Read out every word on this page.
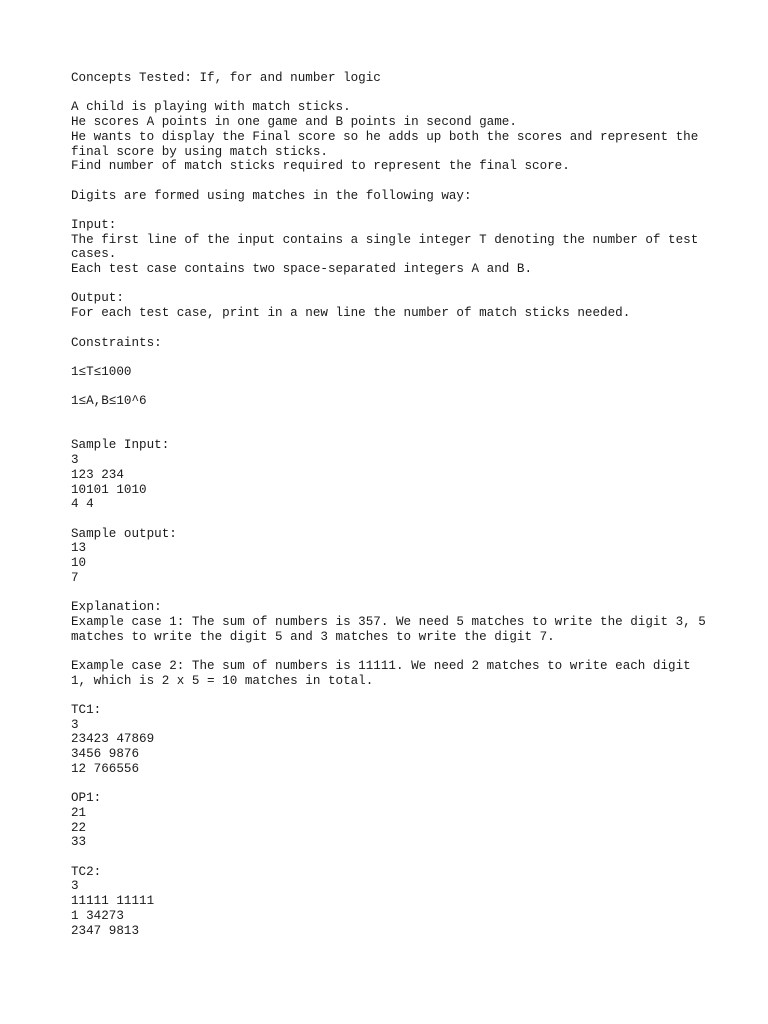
Concepts Tested: If, for and number logic
A child is playing with match sticks.
He scores A points in one game and B points in second game.
He wants to display the Final score so he adds up both the scores and represent the final score by using match sticks.
Find number of match sticks required to represent the final score.
Digits are formed using matches in the following way:
Input:
The first line of the input contains a single integer T denoting the number of test cases.
Each test case contains two space-separated integers A and B.
Output:
For each test case, print in a new line the number of match sticks needed.
Constraints:
1≤T≤1000
1≤A,B≤10^6
Sample Input:
3
123 234
10101 1010
4 4
Sample output:
13
10
7
Explanation:
Example case 1: The sum of numbers is 357. We need 5 matches to write the digit 3, 5 matches to write the digit 5 and 3 matches to write the digit 7.
Example case 2: The sum of numbers is 11111. We need 2 matches to write each digit 1, which is 2 x 5 = 10 matches in total.
TC1:
3
23423 47869
3456 9876
12 766556
OP1:
21
22
33
TC2:
3
11111 11111
1 34273
2347 9813
